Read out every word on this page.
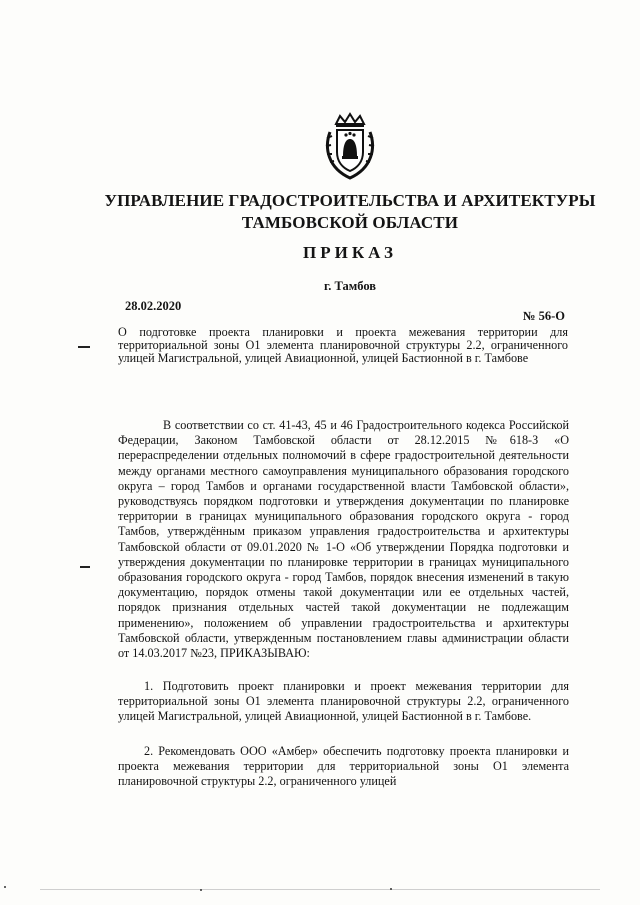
УПРАВЛЕНИЕ ГРАДОСТРОИТЕЛЬСТВА И АРХИТЕКТУРЫ
ТАМБОВСКОЙ ОБЛАСТИ
ПРИКАЗ
г. Тамбов
28.02.2020
№ 56-О
О подготовке проекта планировки и проекта межевания территории для территориальной зоны О1 элемента планировочной структуры 2.2, ограниченного улицей Магистральной, улицей Авиационной, улицей Бастионной в г. Тамбове
В соответствии со ст. 41-43, 45 и 46 Градостроительного кодекса Российской Федерации, Законом Тамбовской области от 28.12.2015 №618-З «О перераспределении отдельных полномочий в сфере градостроительной деятельности между органами местного самоуправления муниципального образования городского округа – город Тамбов и органами государственной власти Тамбовской области», руководствуясь порядком подготовки и утверждения документации по планировке территории в границах муниципального образования городского округа - город Тамбов, утверждённым приказом управления градостроительства и архитектуры Тамбовской области от 09.01.2020 № 1-О «Об утверждении Порядка подготовки и утверждения документации по планировке территории в границах муниципального образования городского округа - город Тамбов, порядок внесения изменений в такую документацию, порядок отмены такой документации или ее отдельных частей, порядок признания отдельных частей такой документации не подлежащим применению», положением об управлении градостроительства и архитектуры Тамбовской области, утвержденным постановлением главы администрации области от 14.03.2017 №23, ПРИКАЗЫВАЮ:
1. Подготовить проект планировки и проект межевания территории для территориальной зоны О1 элемента планировочной структуры 2.2, ограниченного улицей Магистральной, улицей Авиационной, улицей Бастионной в г. Тамбове.
2. Рекомендовать ООО «Амбер» обеспечить подготовку проекта планировки и проекта межевания территории для территориальной зоны О1 элемента планировочной структуры 2.2, ограниченного улицей
